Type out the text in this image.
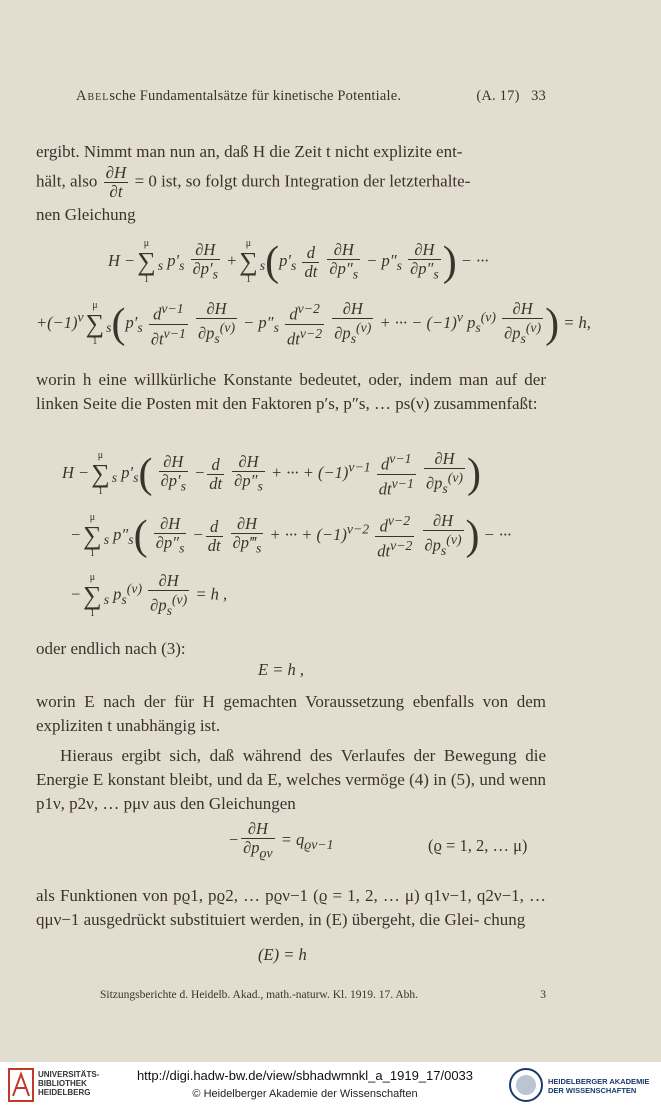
Abelsche Fundamentalsätze für kinetische Potentiale.	(A. 17) 33
ergibt. Nimmt man nun an, daß H die Zeit t nicht explizite ent-
hält, also $\frac{\partial H}{\partial t} = 0$ ist, so folgt durch Integration der letzterhalte-
nen Gleichung
H −
μ
∑
1
$_s$ $p'_s \frac{\partial H}{\partial p'_s}$ +
μ
∑
1
$_s(p'_s \frac{d}{dt}$
$\frac{\partial H}{\partial p''_s} - p''_s \frac{\partial H}{\partial p''_s}$ ) − ···
$+(-1)^\nu$
μ
∑
1
$_s(p'_s \frac{d^{\nu-1}}{\partial t^{\nu-1}}$
$\frac{\partial H}{\partial p_s^{(\nu)}} - p''_s \frac{d^{\nu-2}}{dt^{\nu-2}}$
$\frac{\partial H}{\partial p_s^{(\nu)}}$ + ··· − $(-1)^\nu$ $p_s^{(\nu)} \frac{\partial H}{\partial p_s^{(\nu)}}$ ) = h,
worin h eine willkürliche Konstante bedeutet, oder, indem man auf der linken Seite die Posten mit den Faktoren p′s, p″s, … ps(ν) zusammenfaßt:
H −
μ
∑
1
$_s$ $p'_s( \frac{\partial H}{\partial p'_s} - \frac{d}{dt}$
$\frac{\partial H}{\partial p''_s}$ + ··· + $(-1)^{\nu-1} \frac{d^{\nu-1}}{dt^{\nu-1}}$
$\frac{\partial H}{\partial p_s^{(\nu)}}$ )
−
μ
∑
1
$_s$ $p''_s( \frac{\partial H}{\partial p''_s} - \frac{d}{dt}$
$\frac{\partial H}{\partial p‴_s}$ + ··· + $(-1)^{\nu-2} \frac{d^{\nu-2}}{dt^{\nu-2}}$
$\frac{\partial H}{\partial p_s^{(\nu)}}$ ) − ···
−
μ
∑
1
$_s$ $p_s^{(\nu)} \frac{\partial H}{\partial p_s^{(\nu)}} = h$ ,
oder endlich nach (3):
E = h ,
worin E nach der für H gemachten Voraussetzung ebenfalls von dem expliziten t unabhängig ist.
Hieraus ergibt sich, daß während des Verlaufes der Bewegung die Energie E konstant bleibt, und da E, welches vermöge (4) in (5), und wenn p1ν, p2ν, … pμν aus den Gleichungen
− $\frac{\partial H}{\partial p_{ϱ\nu}} = q_{ϱ\nu-1}$	(ϱ = 1, 2, … μ)
als Funktionen von pϱ1, pϱ2, … pϱν−1 (ϱ = 1, 2, … μ) q1ν−1, q2ν−1, … qμν−1 ausgedrückt substituiert werden, in (E) übergeht, die Glei- chung
(E) = h
Sitzungsberichte d. Heidelb. Akad., math.-naturw. Kl. 1919. 17. Abh.	3
UNIVERSITÄTS- BIBLIOTHEK HEIDELBERG
http://digi.hadw-bw.de/view/sbhadwmnkl_a_1919_17/0033
© Heidelberger Akademie der Wissenschaften
HEIDELBERGER AKADEMIE DER WISSENSCHAFTEN
